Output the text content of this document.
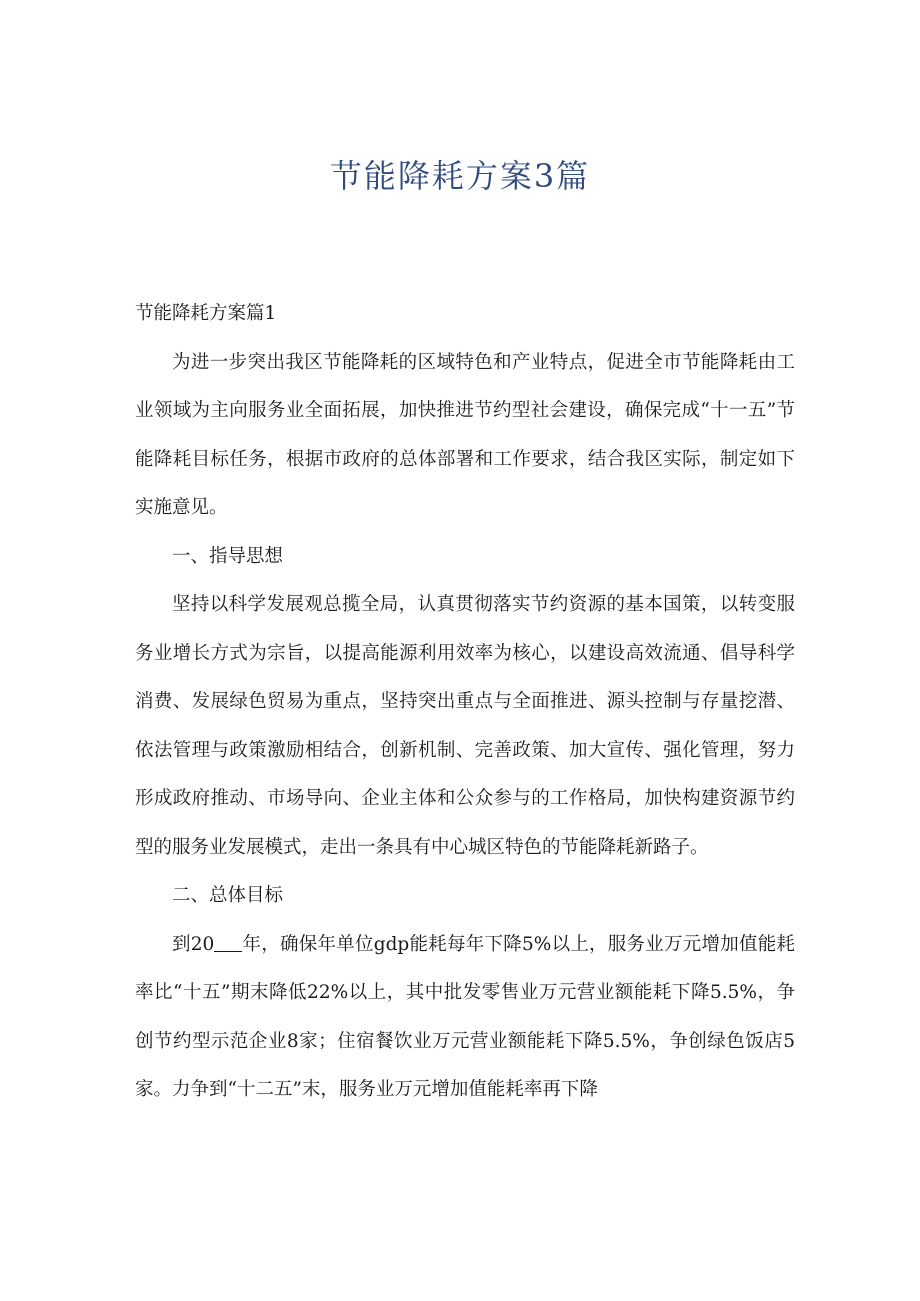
节能降耗方案3篇

节能降耗方案篇1

为进一步突出我区节能降耗的区域特色和产业特点，促进全市节能降耗由工业领域为主向服务业全面拓展，加快推进节约型社会建设，确保完成“十一五”节能降耗目标任务，根据市政府的总体部署和工作要求，结合我区实际，制定如下实施意见。

一、指导思想

坚持以科学发展观总揽全局，认真贯彻落实节约资源的基本国策，以转变服务业增长方式为宗旨，以提高能源利用效率为核心，以建设高效流通、倡导科学消费、发展绿色贸易为重点，坚持突出重点与全面推进、源头控制与存量挖潜、依法管理与政策激励相结合，创新机制、完善政策、加大宣传、强化管理，努力形成政府推动、市场导向、企业主体和公众参与的工作格局，加快构建资源节约型的服务业发展模式，走出一条具有中心城区特色的节能降耗新路子。

二、总体目标

到20 年，确保年单位gdp能耗每年下降5%以上，服务业万元增加值能耗率比“十五”期末降低22%以上，其中批发零售业万元营业额能耗下降5.5%，争创节约型示范企业8家；住宿餐饮业万元营业额能耗下降5.5%，争创绿色饭店5家。力争到“十二五”末，服务业万元增加值能耗率再下降
